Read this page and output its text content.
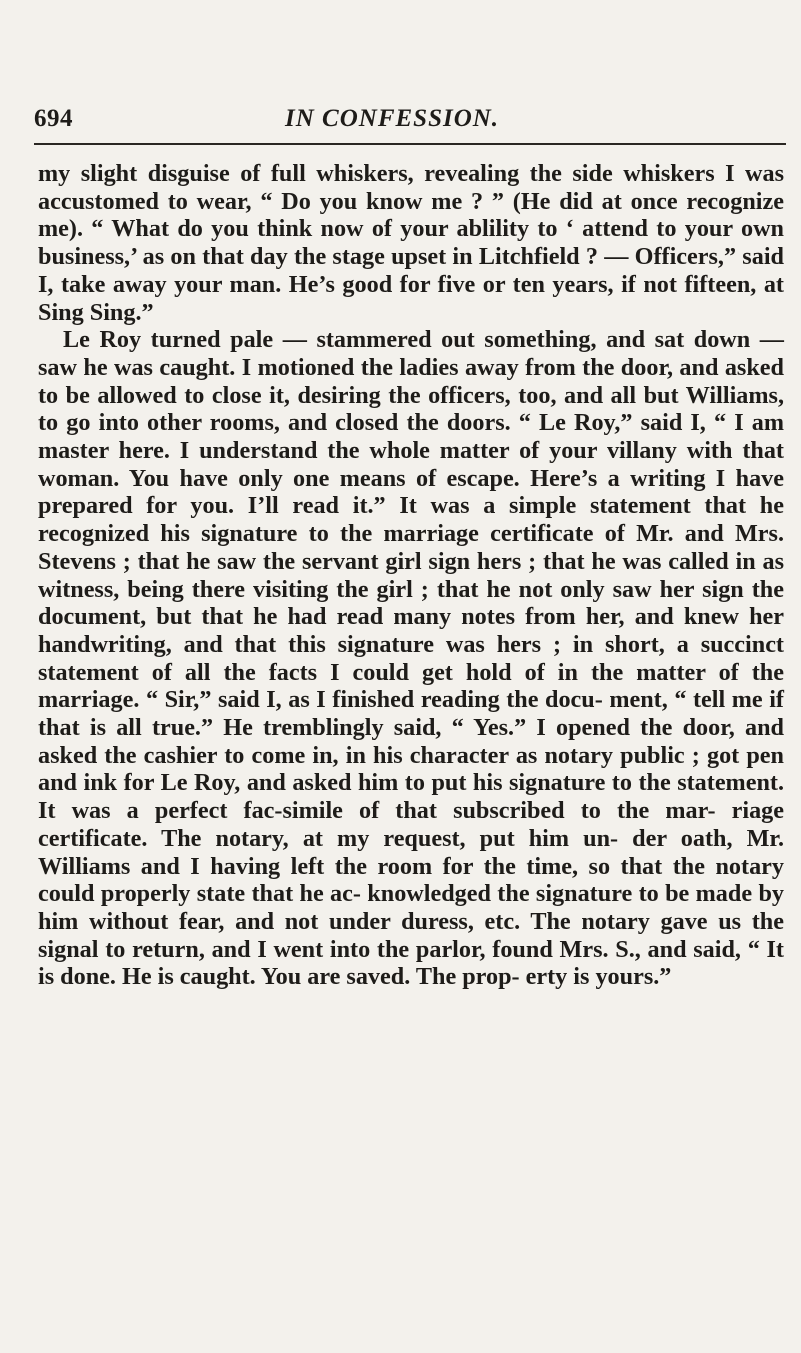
694	IN CONFESSION.

my slight disguise of full whiskers, revealing the side whiskers I was accustomed to wear, “ Do you know me ? ” (He did at once recognize me). “ What do you think now of your ablility to ‘ attend to your own business,’ as on that day the stage upset in Litchfield ? — Officers,” said I, take away your man. He’s good for five or ten years, if not fifteen, at Sing Sing.”

Le Roy turned pale — stammered out something, and sat down — saw he was caught. I motioned the ladies away from the door, and asked to be allowed to close it, desiring the officers, too, and all but Williams, to go into other rooms, and closed the doors. “ Le Roy,” said I, “ I am master here. I understand the whole matter of your villany with that woman. You have only one means of escape. Here’s a writing I have prepared for you. I’ll read it.” It was a simple statement that he recognized his signature to the marriage certificate of Mr. and Mrs. Stevens ; that he saw the servant girl sign hers ; that he was called in as witness, being there visiting the girl ; that he not only saw her sign the document, but that he had read many notes from her, and knew her handwriting, and that this signature was hers ; in short, a succinct statement of all the facts I could get hold of in the matter of the marriage. “ Sir,” said I, as I finished reading the docu- ment, “ tell me if that is all true.” He tremblingly said, “ Yes.” I opened the door, and asked the cashier to come in, in his character as notary public ; got pen and ink for Le Roy, and asked him to put his signature to the statement. It was a perfect fac-simile of that subscribed to the mar- riage certificate. The notary, at my request, put him un- der oath, Mr. Williams and I having left the room for the time, so that the notary could properly state that he ac- knowledged the signature to be made by him without fear, and not under duress, etc. The notary gave us the signal to return, and I went into the parlor, found Mrs. S., and said, “ It is done. He is caught. You are saved. The prop- erty is yours.”
